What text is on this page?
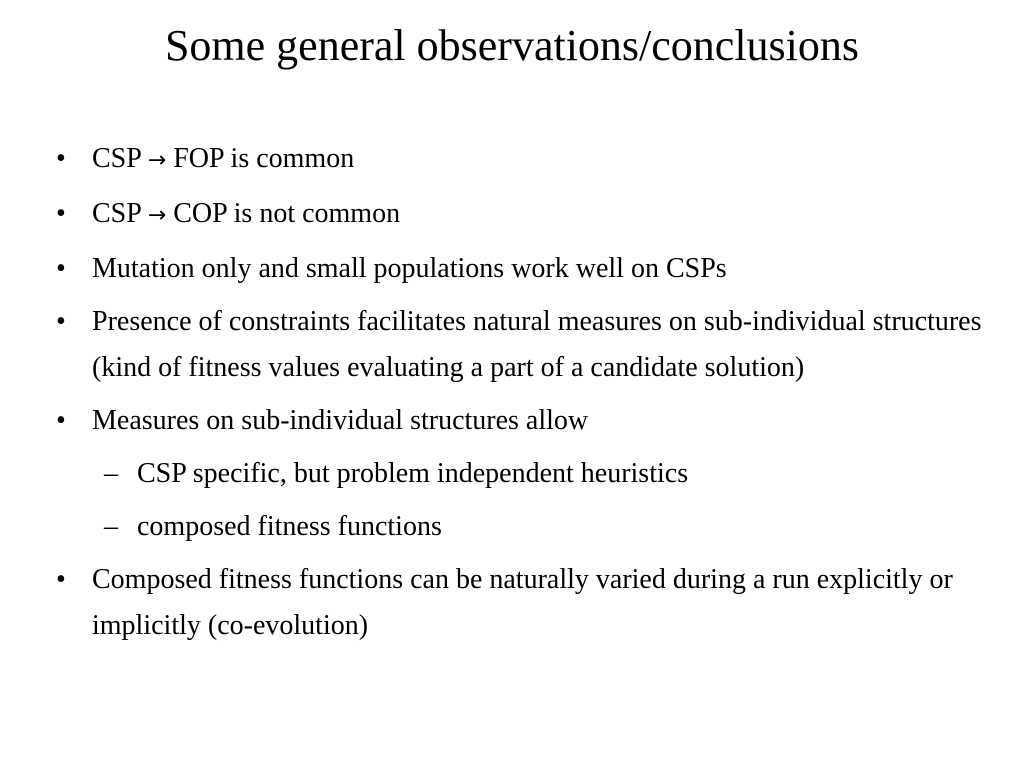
Some general observations/conclusions
• CSP → FOP is common
• CSP → COP is not common
• Mutation only and small populations work well on CSPs
• Presence of constraints facilitates natural measures on sub-individual structures (kind of fitness values evaluating a part of a candidate solution)
• Measures on sub-individual structures allow
– CSP specific, but problem independent heuristics
– composed fitness functions
• Composed fitness functions can be naturally varied during a run explicitly or implicitly (co-evolution)
